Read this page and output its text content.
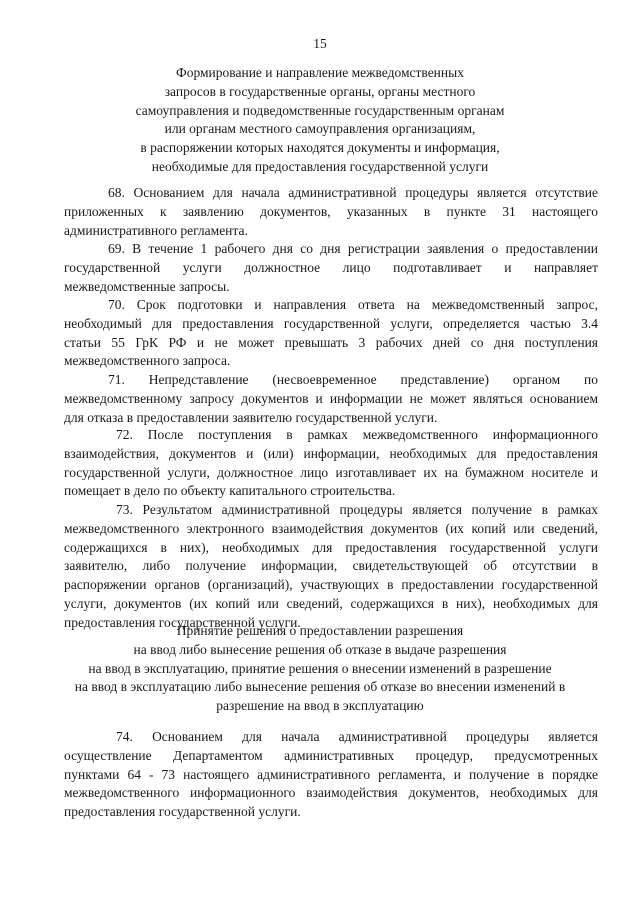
15
Формирование и направление межведомственных
запросов в государственные органы, органы местного
самоуправления и подведомственные государственным органам
или органам местного самоуправления организациям,
в распоряжении которых находятся документы и информация,
необходимые для предоставления государственной услуги
68. Основанием для начала административной процедуры является отсутствие
приложенных к заявлению документов, указанных в пункте 31 настоящего
административного регламента.
69. В течение 1 рабочего дня со дня регистрации заявления о предоставлении
государственной услуги должностное лицо подготавливает и направляет
межведомственные запросы.
70. Срок подготовки и направления ответа на межведомственный запрос,
необходимый для предоставления государственной услуги, определяется частью 3.4
статьи 55 ГрК РФ и не может превышать 3 рабочих дней со дня поступления
межведомственного запроса.
71. Непредставление (несвоевременное представление) органом по
межведомственному запросу документов и информации не может являться основанием
для отказа в предоставлении заявителю государственной услуги.
72. После поступления в рамках межведомственного информационного
взаимодействия, документов и (или) информации, необходимых для предоставления
государственной услуги, должностное лицо изготавливает их на бумажном носителе и
помещает в дело по объекту капитального строительства.
73. Результатом административной процедуры является получение в рамках
межведомственного электронного взаимодействия документов (их копий или сведений,
содержащихся в них), необходимых для предоставления государственной услуги
заявителю, либо получение информации, свидетельствующей об отсутствии в
распоряжении органов (организаций), участвующих в предоставлении государственной
услуги, документов (их копий или сведений, содержащихся в них), необходимых для
предоставления государственной услуги.
Принятие решения о предоставлении разрешения
на ввод либо вынесение решения об отказе в выдаче разрешения
на ввод в эксплуатацию, принятие решения о внесении изменений в разрешение
на ввод в эксплуатацию либо вынесение решения об отказе во внесении изменений в
разрешение на ввод в эксплуатацию
74. Основанием для начала административной процедуры является
осуществление Департаментом административных процедур, предусмотренных
пунктами 64 - 73 настоящего административного регламента, и получение в порядке
межведомственного информационного взаимодействия документов, необходимых для
предоставления государственной услуги.
